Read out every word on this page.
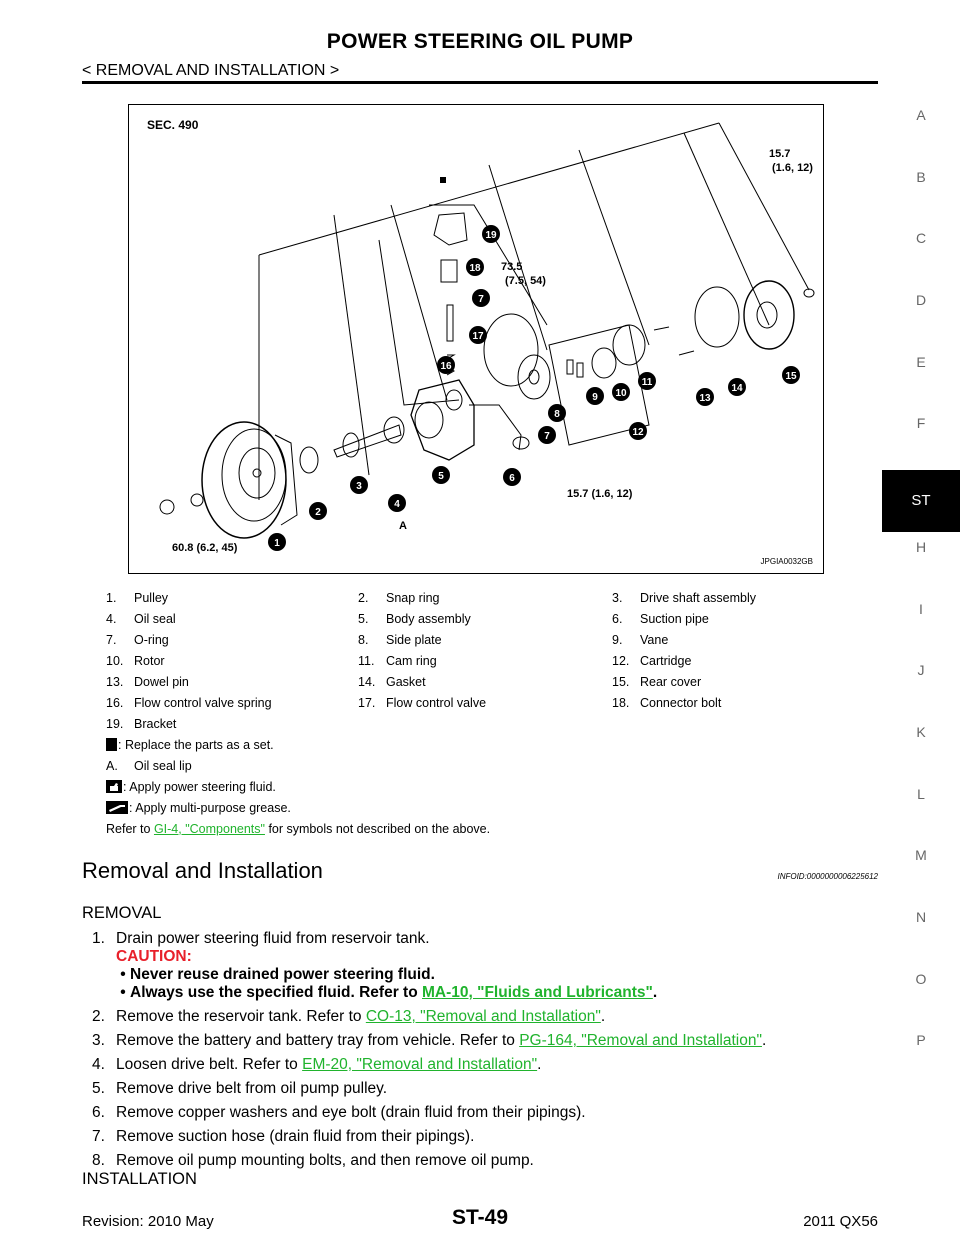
POWER STEERING OIL PUMP
< REMOVAL AND INSTALLATION >
A
B
C
D
E
F
ST
H
I
J
K
L
M
N
O
P
1
2
3
4
5	6
7
8
9 10
11
12
13
14
15
16
17
18
19
7
15.7
(1.6, 12)
73.5
(7.5, 54)
15.7 (1.6, 12)
60.8 (6.2, 45)
A
SEC. 490
JPGIA0032GB
1.	Pulley	2.	Snap ring	3.	Drive shaft assembly
4.	Oil seal	5.	Body assembly	6.	Suction pipe
7.	O-ring	8.	Side plate	9.	Vane
10. Rotor	11. Cam ring	12. Cartridge
13. Dowel pin	14. Gasket	15. Rear cover
16. Flow control valve spring	17. Flow control valve	18. Connector bolt
19. Bracket
: Replace the parts as a set.
A.	Oil seal lip
: Apply power steering fluid.
: Apply multi-purpose grease.
Refer to
GI-4, "Components"
for symbols not described on the above.
Removal and Installation	INFOID:0000000006225612
REMOVAL
1. Drain power steering fluid from reservoir tank.
CAUTION:
• Never reuse drained power steering fluid.
• Always use the specified fluid. Refer to MA-10, "Fluids and Lubricants".
2. Remove the reservoir tank. Refer to CO-13, "Removal and Installation".
3. Remove the battery and battery tray from vehicle. Refer to PG-164, "Removal and Installation".
4. Loosen drive belt. Refer to EM-20, "Removal and Installation".
5. Remove drive belt from oil pump pulley.
6. Remove copper washers and eye bolt (drain fluid from their pipings).
7. Remove suction hose (drain fluid from their pipings).
8. Remove oil pump mounting bolts, and then remove oil pump.
INSTALLATION
Revision: 2010 May	ST-49	2011 QX56
